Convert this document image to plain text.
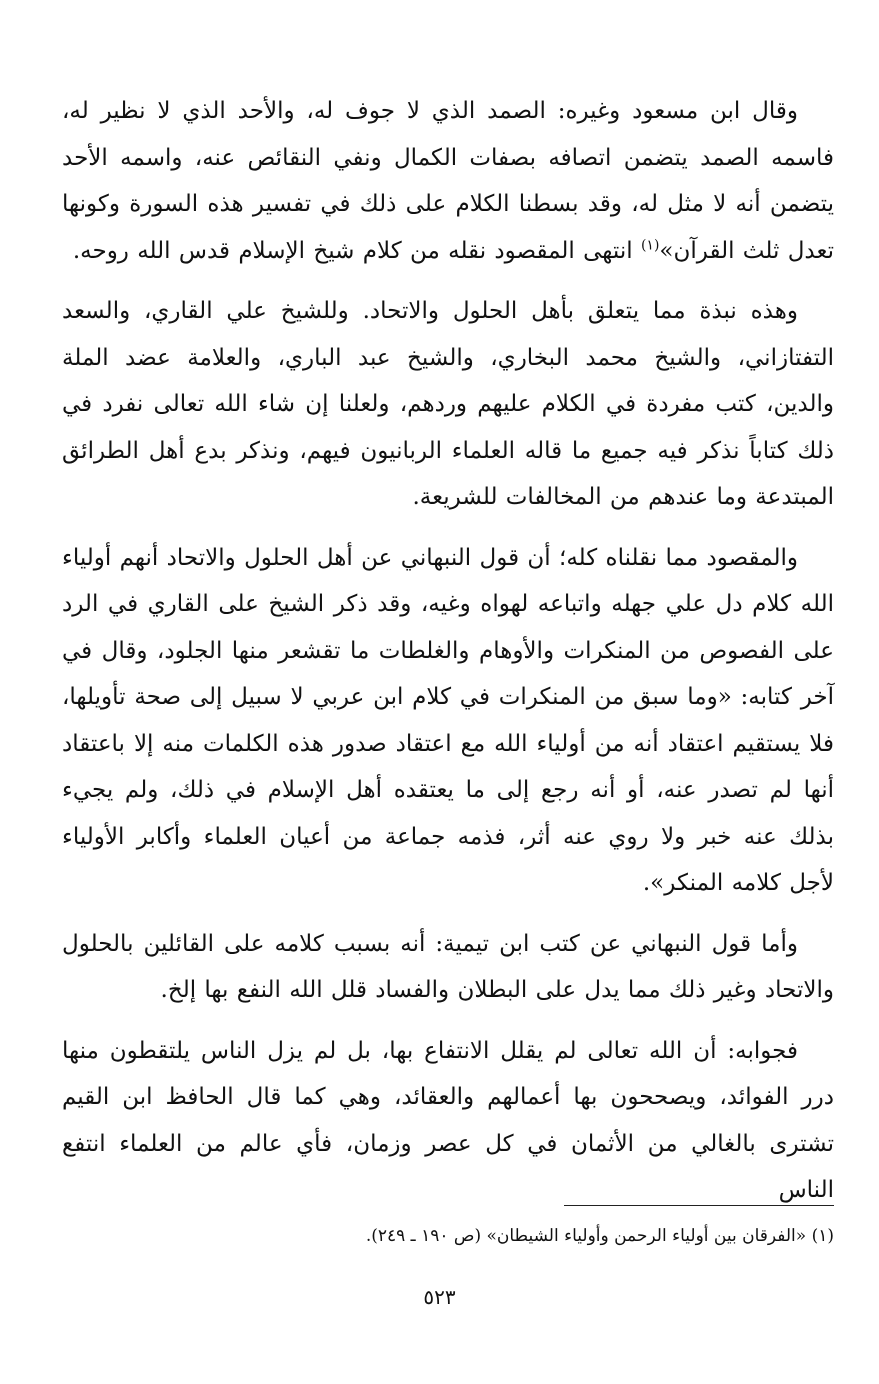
وقال ابن مسعود وغيره: الصمد الذي لا جوف له، والأحد الذي لا نظير له، فاسمه الصمد يتضمن اتصافه بصفات الكمال ونفي النقائص عنه، واسمه الأحد يتضمن أنه لا مثل له، وقد بسطنا الكلام على ذلك في تفسير هذه السورة وكونها تعدل ثلث القرآن»$^{(١)}$ انتهى المقصود نقله من كلام شيخ الإسلام قدس الله روحه.

وهذه نبذة مما يتعلق بأهل الحلول والاتحاد. وللشيخ علي القاري، والسعد التفتازاني، والشيخ محمد البخاري، والشيخ عبد الباري، والعلامة عضد الملة والدين، كتب مفردة في الكلام عليهم وردهم، ولعلنا إن شاء الله تعالى نفرد في ذلك كتاباً نذكر فيه جميع ما قاله العلماء الربانيون فيهم، ونذكر بدع أهل الطرائق المبتدعة وما عندهم من المخالفات للشريعة.

والمقصود مما نقلناه كله؛ أن قول النبهاني عن أهل الحلول والاتحاد أنهم أولياء الله كلام دل علي جهله واتباعه لهواه وغيه، وقد ذكر الشيخ على القاري في الرد على الفصوص من المنكرات والأوهام والغلطات ما تقشعر منها الجلود، وقال في آخر كتابه: «وما سبق من المنكرات في كلام ابن عربي لا سبيل إلى صحة تأويلها، فلا يستقيم اعتقاد أنه من أولياء الله مع اعتقاد صدور هذه الكلمات منه إلا باعتقاد أنها لم تصدر عنه، أو أنه رجع إلى ما يعتقده أهل الإسلام في ذلك، ولم يجيء بذلك عنه خبر ولا روي عنه أثر، فذمه جماعة من أعيان العلماء وأكابر الأولياء لأجل كلامه المنكر».

وأما قول النبهاني عن كتب ابن تيمية: أنه بسبب كلامه على القائلين بالحلول والاتحاد وغير ذلك مما يدل على البطلان والفساد قلل الله النفع بها إلخ.

فجوابه: أن الله تعالى لم يقلل الانتفاع بها، بل لم يزل الناس يلتقطون منها درر الفوائد، ويصححون بها أعمالهم والعقائد، وهي كما قال الحافظ ابن القيم تشترى بالغالي من الأثمان في كل عصر وزمان، فأي عالم من العلماء انتفع الناس

(١) «الفرقان بين أولياء الرحمن وأولياء الشيطان» (ص ١٩٠ ـ ٢٤٩).

٥٢٣
